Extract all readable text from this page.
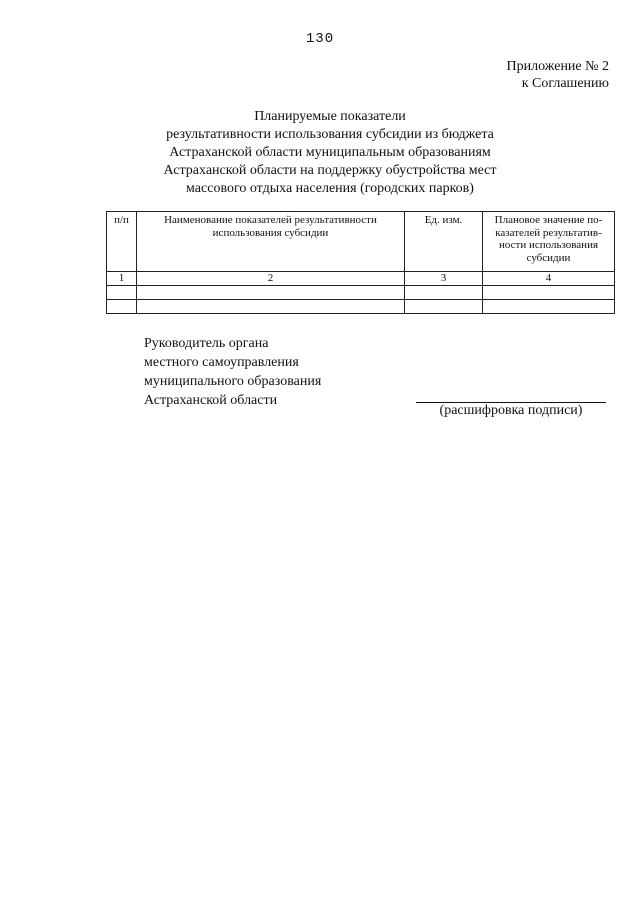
130
Приложение № 2
к Соглашению
Планируемые показатели
результативности использования субсидии из бюджета
Астраханской области муниципальным образованиям
Астраханской области на поддержку обустройства мест
массового отдыха населения (городских парков)
п/п	Наименование показателей результативности использования субсидии	Ед. изм.	Плановое значение по-казателей результатив-ности использования субсидии
1	2	3	4

Руководитель органа
местного самоуправления
муниципального образования
Астраханской области
(расшифровка подписи)
